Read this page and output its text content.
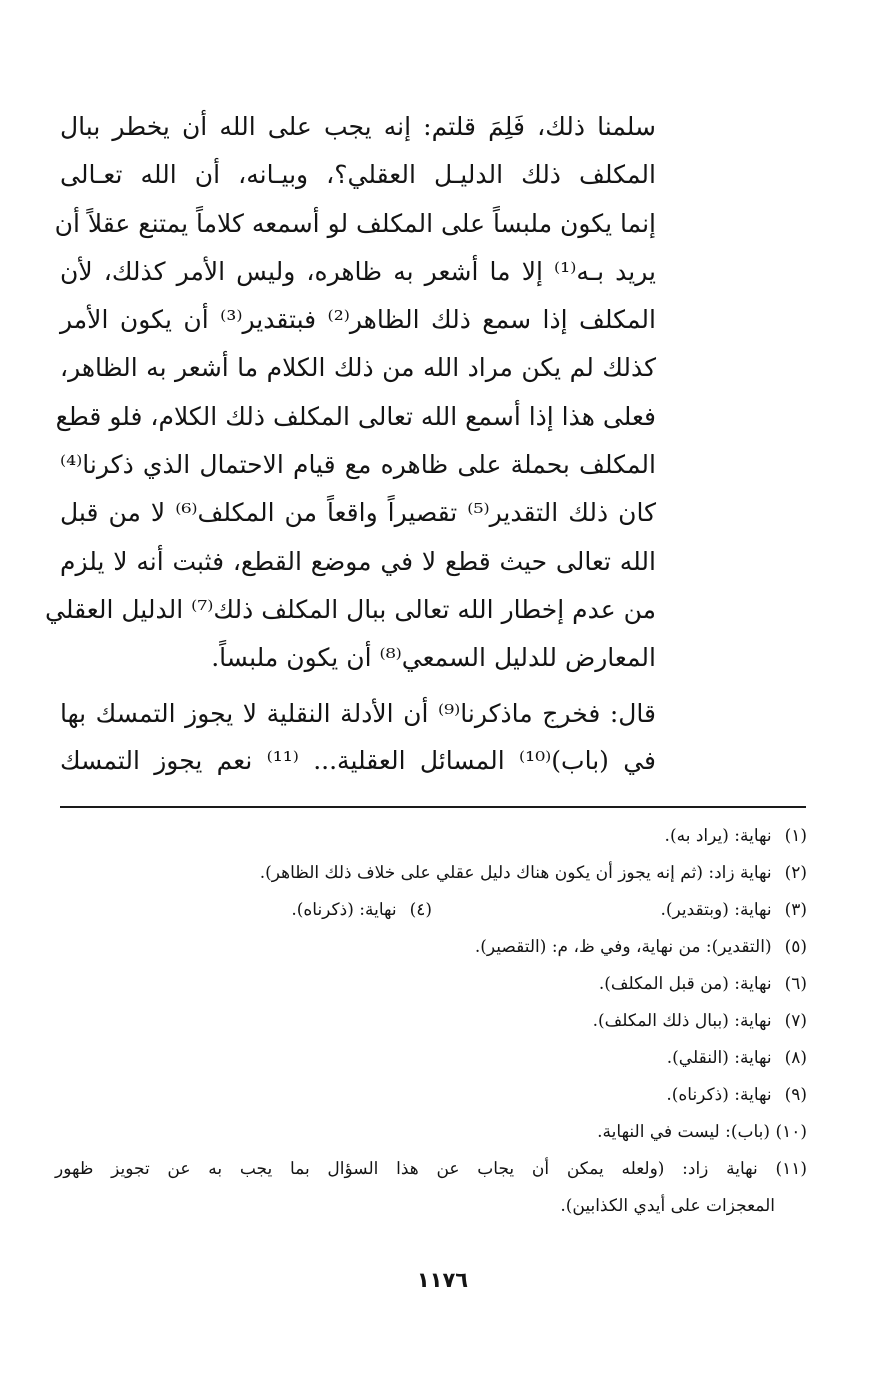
سلمنا ذلك، فَلِمَ قلتم: إنه يجب على الله أن يخطر ببال
المكلف ذلك الدليـل العقلي؟، وبيـانه، أن الله تعـالى
إنما يكون ملبساً على المكلف لو أسمعه كلاماً يمتنع عقلاً أن
يريد بـه⁽¹⁾ إلا ما أشعر به ظاهره، وليس الأمر كذلك، لأن
المكلف إذا سمع ذلك الظاهر⁽²⁾ فبتقدير⁽³⁾ أن يكون الأمر
كذلك لم يكن مراد الله من ذلك الكلام ما أشعر به الظاهر،
فعلى هذا إذا أسمع الله تعالى المكلف ذلك الكلام، فلو قطع
المكلف بحملة على ظاهره مع قيام الاحتمال الذي ذكرنا⁽⁴⁾
كان ذلك التقدير⁽⁵⁾ تقصيراً واقعاً من المكلف⁽⁶⁾ لا من قبل
الله تعالى حيث قطع لا في موضع القطع، فثبت أنه لا يلزم
من عدم إخطار الله تعالى ببال المكلف ذلك⁽⁷⁾ الدليل العقلي
المعارض للدليل السمعي⁽⁸⁾ أن يكون ملبساً.
قال: فخرج ماذكرنا⁽⁹⁾ أن الأدلة النقلية لا يجوز التمسك بها
في (باب)⁽¹⁰⁾ المسائل العقلية... ⁽¹¹⁾ نعم يجوز التمسك
(١) نهاية: (يراد به).
(٢) نهاية زاد: (ثم إنه يجوز أن يكون هناك دليل عقلي على خلاف ذلك الظاهر).
(٣) نهاية: (وبتقدير).
(٤) نهاية: (ذكرناه).
(٥) (التقدير): من نهاية، وفي ظ، م: (التقصير).
(٦) نهاية: (من قبل المكلف).
(٧) نهاية: (ببال ذلك المكلف).
(٨) نهاية: (النقلي).
(٩) نهاية: (ذكرناه).
(١٠) (باب): ليست في النهاية.
(١١) نهاية زاد: (ولعله يمكن أن يجاب عن هذا السؤال بما يجب به عن تجويز ظهور
المعجزات على أيدي الكذابين).
١١٧٦
